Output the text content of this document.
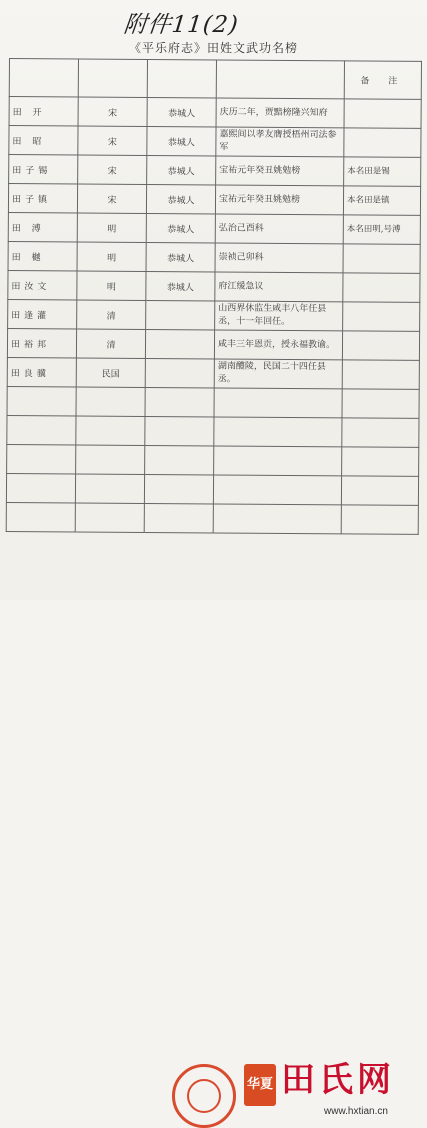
附件11(2)
《平乐府志》田姓文武功名榜
				备 注
田 开	宋	恭城人	庆历二年，贾黯榜隆兴知府	
田 昭	宋	恭城人	嘉熙间以孝友膺授梧州司法参军	
田子锡	宋	恭城人	宝祐元年癸丑姚勉榜	本名田是锡
田子镇	宋	恭城人	宝祐元年癸丑姚勉榜	本名田是镇
田 溥	明	恭城人	弘治己酉科	本名田明,号溥
田 樾	明	恭城人	崇祯己卯科	
田汝文	明	恭城人	府江缓急议	
田逢灌	清		山西界休监生咸丰八年任县丞，十一年回任。	
田裕邦	清		咸丰三年恩贡，授永福教谕。	
田良骥	民国		湖南醴陵，民国二十四任县丞。	

华夏 田氏网
www.hxtian.cn
